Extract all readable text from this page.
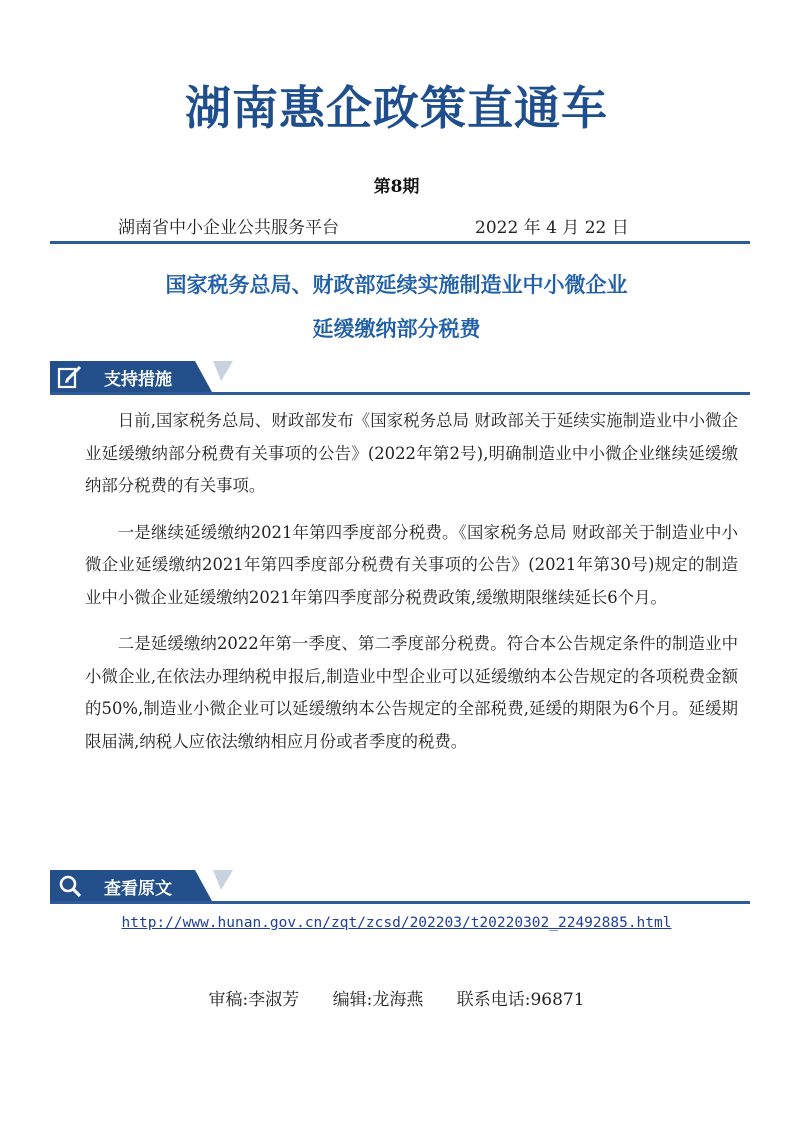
湖南惠企政策直通车
第8期
湖南省中小企业公共服务平台	2022 年 4 月 22 日
国家税务总局、财政部延续实施制造业中小微企业
延缓缴纳部分税费
支持措施

日前,国家税务总局、财政部发布《国家税务总局 财政部关于延续实施制造业中小微企业延缓缴纳部分税费有关事项的公告》(2022年第2号),明确制造业中小微企业继续延缓缴纳部分税费的有关事项。

一是继续延缓缴纳2021年第四季度部分税费。《国家税务总局 财政部关于制造业中小微企业延缓缴纳2021年第四季度部分税费有关事项的公告》(2021年第30号)规定的制造业中小微企业延缓缴纳2021年第四季度部分税费政策,缓缴期限继续延长6个月。

二是延缓缴纳2022年第一季度、第二季度部分税费。符合本公告规定条件的制造业中小微企业,在依法办理纳税申报后,制造业中型企业可以延缓缴纳本公告规定的各项税费金额的50%,制造业小微企业可以延缓缴纳本公告规定的全部税费,延缓的期限为6个月。延缓期限届满,纳税人应依法缴纳相应月份或者季度的税费。

查看原文
http://www.hunan.gov.cn/zqt/zcsd/202203/t20220302_22492885.html
审稿:李淑芳 编辑:龙海燕 联系电话:96871
